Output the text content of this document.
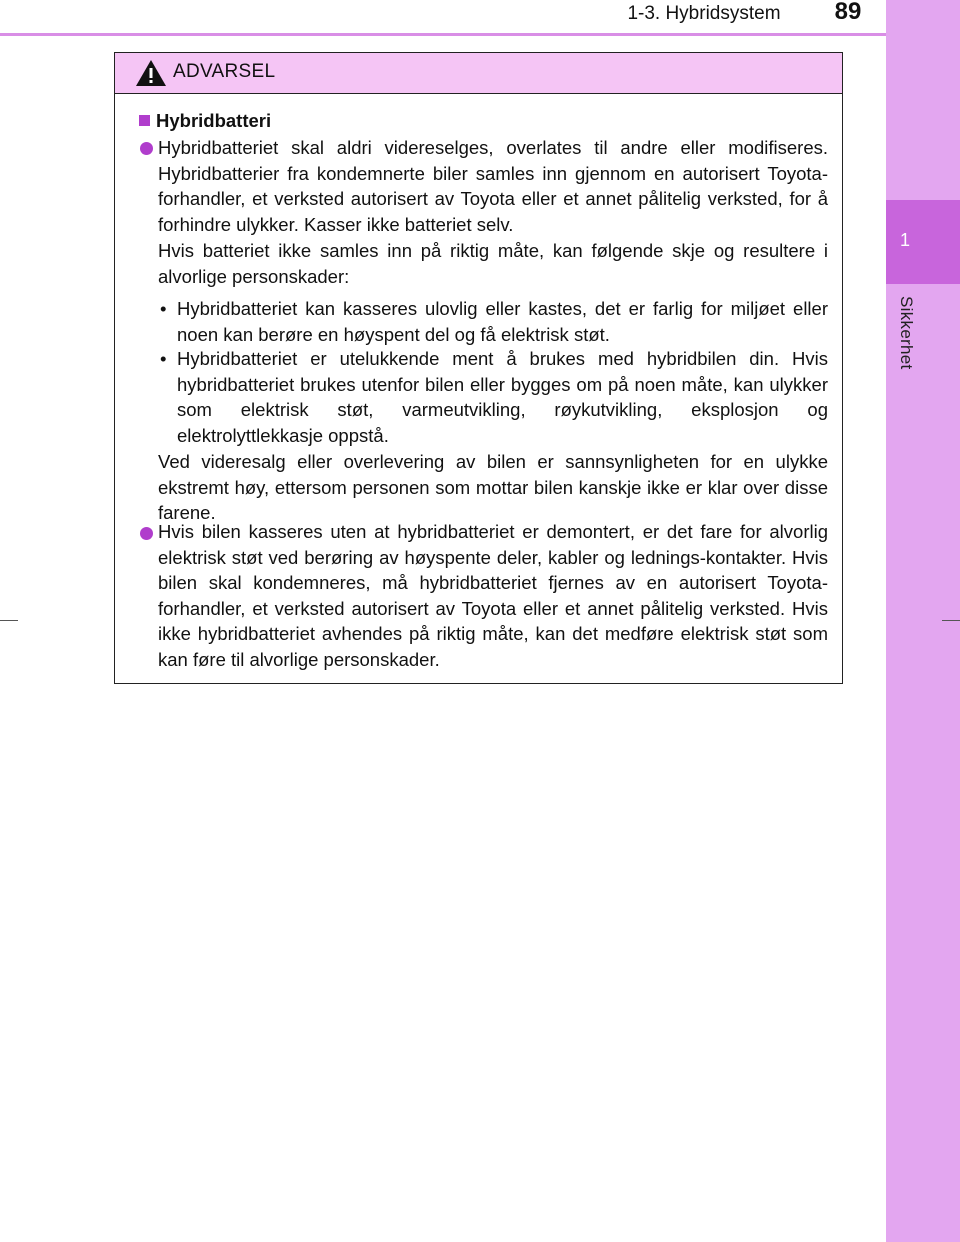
1-3. Hybridsystem	89
1
Sikkerhet
ADVARSEL
Hybridbatteri
Hybridbatteriet skal aldri videreselges, overlates til andre eller modifiseres. Hybridbatterier fra kondemnerte biler samles inn gjennom en autorisert Toyota-forhandler, et verksted autorisert av Toyota eller et annet pålitelig verksted, for å forhindre ulykker. Kasser ikke batteriet selv.
Hvis batteriet ikke samles inn på riktig måte, kan følgende skje og resultere i alvorlige personskader:
• Hybridbatteriet kan kasseres ulovlig eller kastes, det er farlig for miljøet eller noen kan berøre en høyspent del og få elektrisk støt.
• Hybridbatteriet er utelukkende ment å brukes med hybridbilen din. Hvis hybridbatteriet brukes utenfor bilen eller bygges om på noen måte, kan ulykker som elektrisk støt, varmeutvikling, røykutvikling, eksplosjon og elektrolyttlekkasje oppstå.
Ved videresalg eller overlevering av bilen er sannsynligheten for en ulykke ekstremt høy, ettersom personen som mottar bilen kanskje ikke er klar over disse farene.
Hvis bilen kasseres uten at hybridbatteriet er demontert, er det fare for alvorlig elektrisk støt ved berøring av høyspente deler, kabler og lednings-kontakter. Hvis bilen skal kondemneres, må hybridbatteriet fjernes av en autorisert Toyota-forhandler, et verksted autorisert av Toyota eller et annet pålitelig verksted. Hvis ikke hybridbatteriet avhendes på riktig måte, kan det medføre elektrisk støt som kan føre til alvorlige personskader.
